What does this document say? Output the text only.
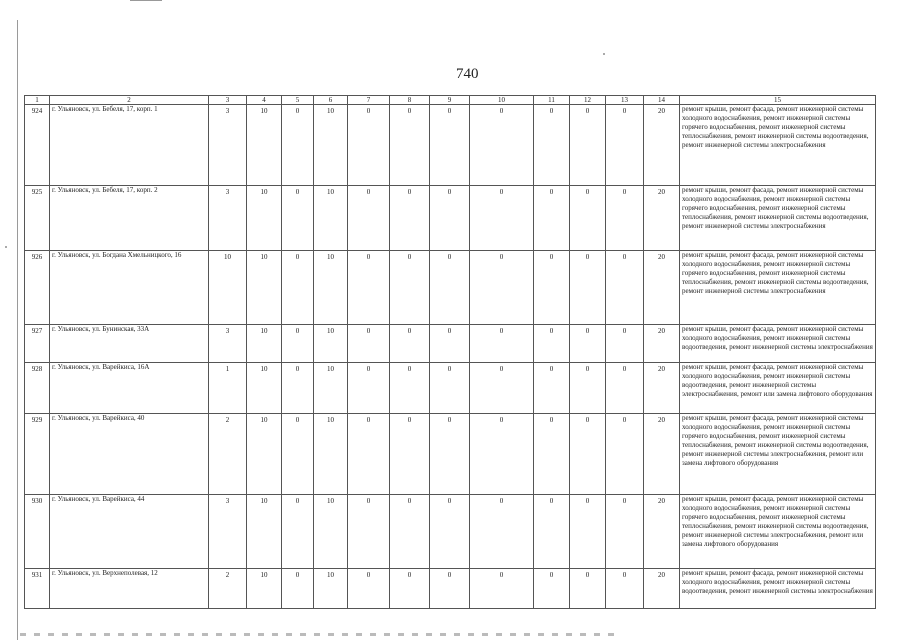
740
1	2	3	4	5	6	7	8	9	10	11	12	13	14	15
924	г. Ульяновск, ул. Бебеля, 17, корп. 1	3	10	0	10	0	0	0	0	0	0	0	20	ремонт крыши, ремонт фасада, ремонт инженерной системы холодного водоснабжения, ремонт инженерной системы горячего водоснабжения, ремонт инженерной системы теплоснабжения, ремонт инженерной системы водоотведения, ремонт инженерной системы электроснабжения
925	г. Ульяновск, ул. Бебеля, 17, корп. 2	3	10	0	10	0	0	0	0	0	0	0	20	ремонт крыши, ремонт фасада, ремонт инженерной системы холодного водоснабжения, ремонт инженерной системы горячего водоснабжения, ремонт инженерной системы теплоснабжения, ремонт инженерной системы водоотведения, ремонт инженерной системы электроснабжения
926	г. Ульяновск, ул. Богдана Хмельницкого, 16	10	10	0	10	0	0	0	0	0	0	0	20	ремонт крыши, ремонт фасада, ремонт инженерной системы холодного водоснабжения, ремонт инженерной системы горячего водоснабжения, ремонт инженерной системы теплоснабжения, ремонт инженерной системы водоотведения, ремонт инженерной системы электроснабжения
927	г. Ульяновск, ул. Бунинская, 33А	3	10	0	10	0	0	0	0	0	0	0	20	ремонт крыши, ремонт фасада, ремонт инженерной системы холодного водоснабжения, ремонт инженерной системы водоотведения, ремонт инженерной системы электроснабжения
928	г. Ульяновск, ул. Варейкиса, 16А	1	10	0	10	0	0	0	0	0	0	0	20	ремонт крыши, ремонт фасада, ремонт инженерной системы холодного водоснабжения, ремонт инженерной системы водоотведения, ремонт инженерной системы электроснабжения, ремонт или замена лифтового оборудования
929	г. Ульяновск, ул. Варейкиса, 40	2	10	0	10	0	0	0	0	0	0	0	20	ремонт крыши, ремонт фасада, ремонт инженерной системы холодного водоснабжения, ремонт инженерной системы горячего водоснабжения, ремонт инженерной системы теплоснабжения, ремонт инженерной системы водоотведения, ремонт инженерной системы электроснабжения, ремонт или замена лифтового оборудования
930	г. Ульяновск, ул. Варейкиса, 44	3	10	0	10	0	0	0	0	0	0	0	20	ремонт крыши, ремонт фасада, ремонт инженерной системы холодного водоснабжения, ремонт инженерной системы горячего водоснабжения, ремонт инженерной системы теплоснабжения, ремонт инженерной системы водоотведения, ремонт инженерной системы электроснабжения, ремонт или замена лифтового оборудования
931	г. Ульяновск, ул. Верхнеполевая, 12	2	10	0	10	0	0	0	0	0	0	0	20	ремонт крыши, ремонт фасада, ремонт инженерной системы холодного водоснабжения, ремонт инженерной системы водоотведения, ремонт инженерной системы электроснабжения
